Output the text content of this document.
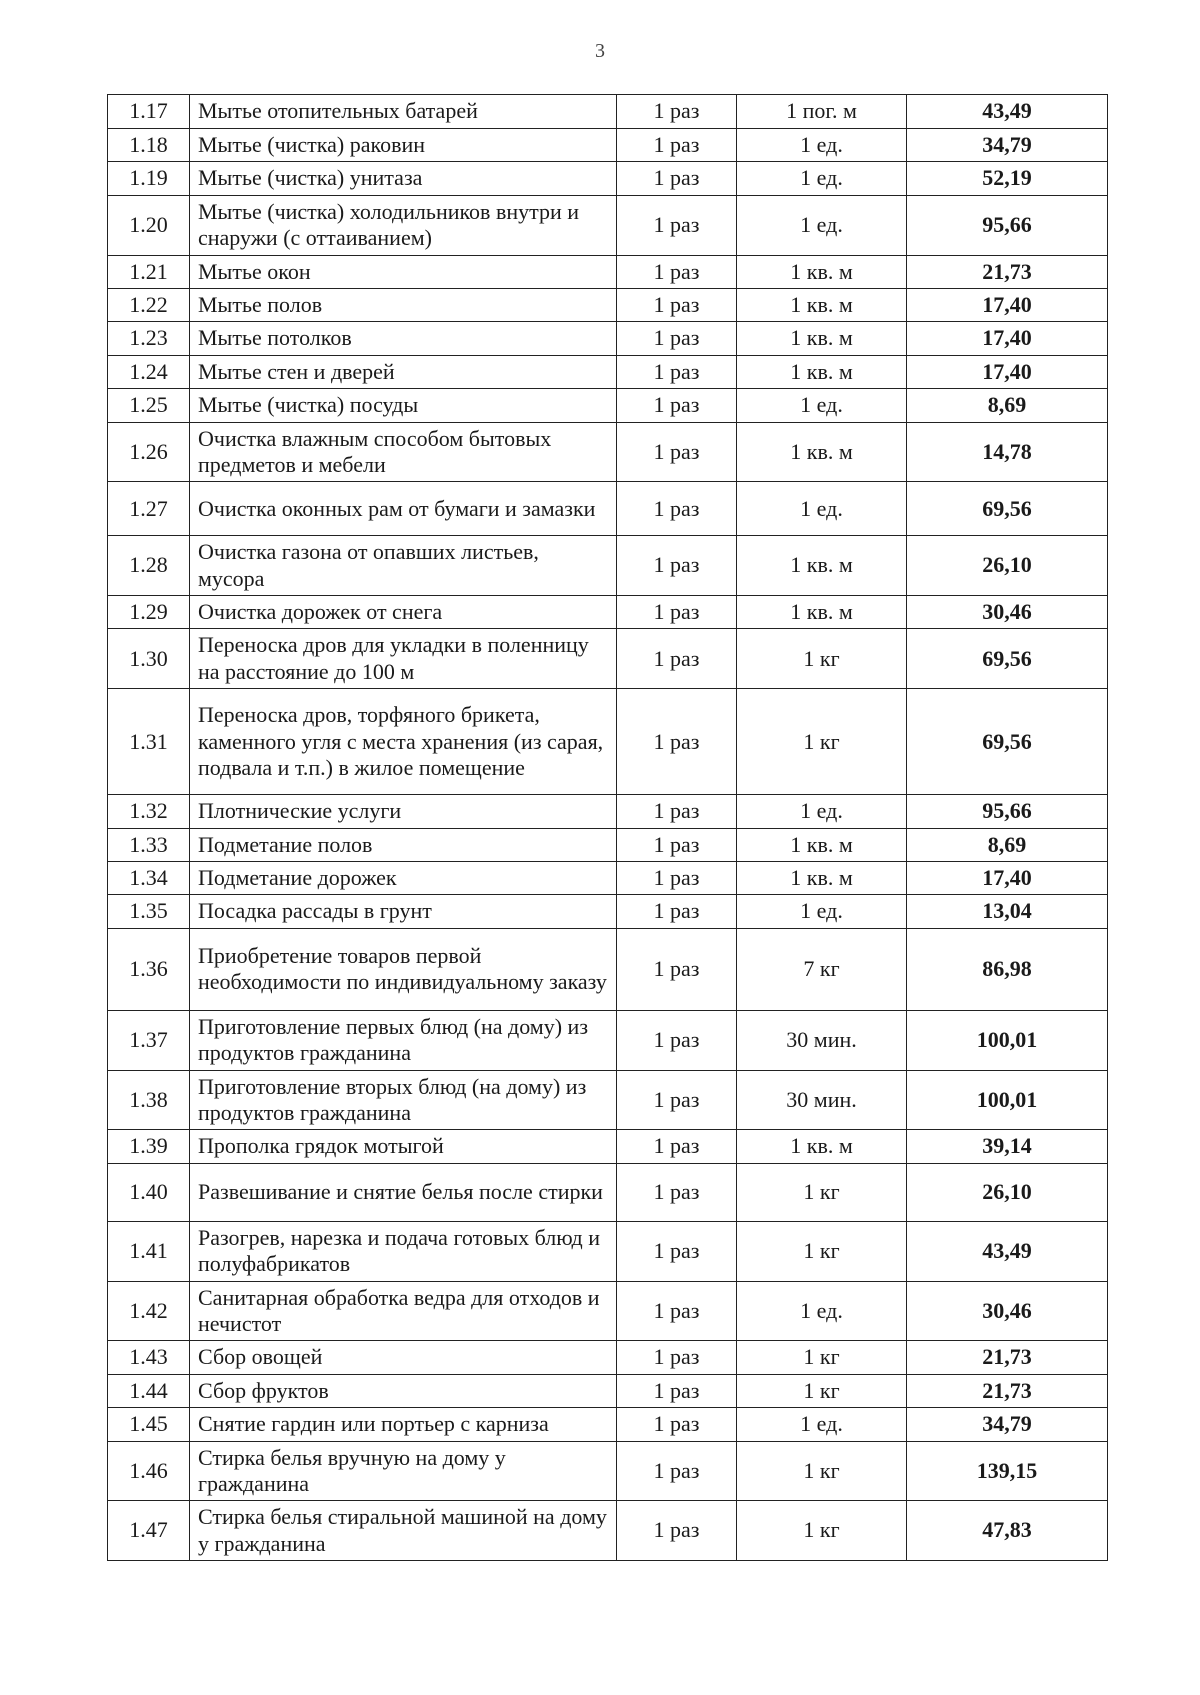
3
1.17	Мытье отопительных батарей	1 раз	1 пог. м	43,49
1.18	Мытье (чистка) раковин	1 раз	1 ед.	34,79
1.19	Мытье (чистка) унитаза	1 раз	1 ед.	52,19
1.20	Мытье (чистка) холодильников внутри и снаружи (с оттаиванием)	1 раз	1 ед.	95,66
1.21	Мытье окон	1 раз	1 кв. м	21,73
1.22	Мытье полов	1 раз	1 кв. м	17,40
1.23	Мытье потолков	1 раз	1 кв. м	17,40
1.24	Мытье стен и дверей	1 раз	1 кв. м	17,40
1.25	Мытье (чистка) посуды	1 раз	1 ед.	8,69
1.26	Очистка влажным способом бытовых предметов и мебели	1 раз	1 кв. м	14,78
1.27	Очистка оконных рам от бумаги и замазки	1 раз	1 ед.	69,56
1.28	Очистка газона от опавших листьев, мусора	1 раз	1 кв. м	26,10
1.29	Очистка дорожек от снега	1 раз	1 кв. м	30,46
1.30	Переноска дров для укладки в поленницу на расстояние до 100 м	1 раз	1 кг	69,56
1.31	Переноска дров, торфяного брикета, каменного угля с места хранения (из сарая, подвала и т.п.) в жилое помещение	1 раз	1 кг	69,56
1.32	Плотнические услуги	1 раз	1 ед.	95,66
1.33	Подметание полов	1 раз	1 кв. м	8,69
1.34	Подметание дорожек	1 раз	1 кв. м	17,40
1.35	Посадка рассады в грунт	1 раз	1 ед.	13,04
1.36	Приобретение товаров первой необходимости по индивидуальному заказу	1 раз	7 кг	86,98
1.37	Приготовление первых блюд (на дому) из продуктов гражданина	1 раз	30 мин.	100,01
1.38	Приготовление вторых блюд (на дому) из продуктов гражданина	1 раз	30 мин.	100,01
1.39	Прополка грядок мотыгой	1 раз	1 кв. м	39,14
1.40	Развешивание и снятие белья после стирки	1 раз	1 кг	26,10
1.41	Разогрев, нарезка и подача готовых блюд и полуфабрикатов	1 раз	1 кг	43,49
1.42	Санитарная обработка ведра для отходов и нечистот	1 раз	1 ед.	30,46
1.43	Сбор овощей	1 раз	1 кг	21,73
1.44	Сбор фруктов	1 раз	1 кг	21,73
1.45	Снятие гардин или портьер с карниза	1 раз	1 ед.	34,79
1.46	Стирка белья вручную на дому у гражданина	1 раз	1 кг	139,15
1.47	Стирка белья стиральной машиной на дому у гражданина	1 раз	1 кг	47,83
